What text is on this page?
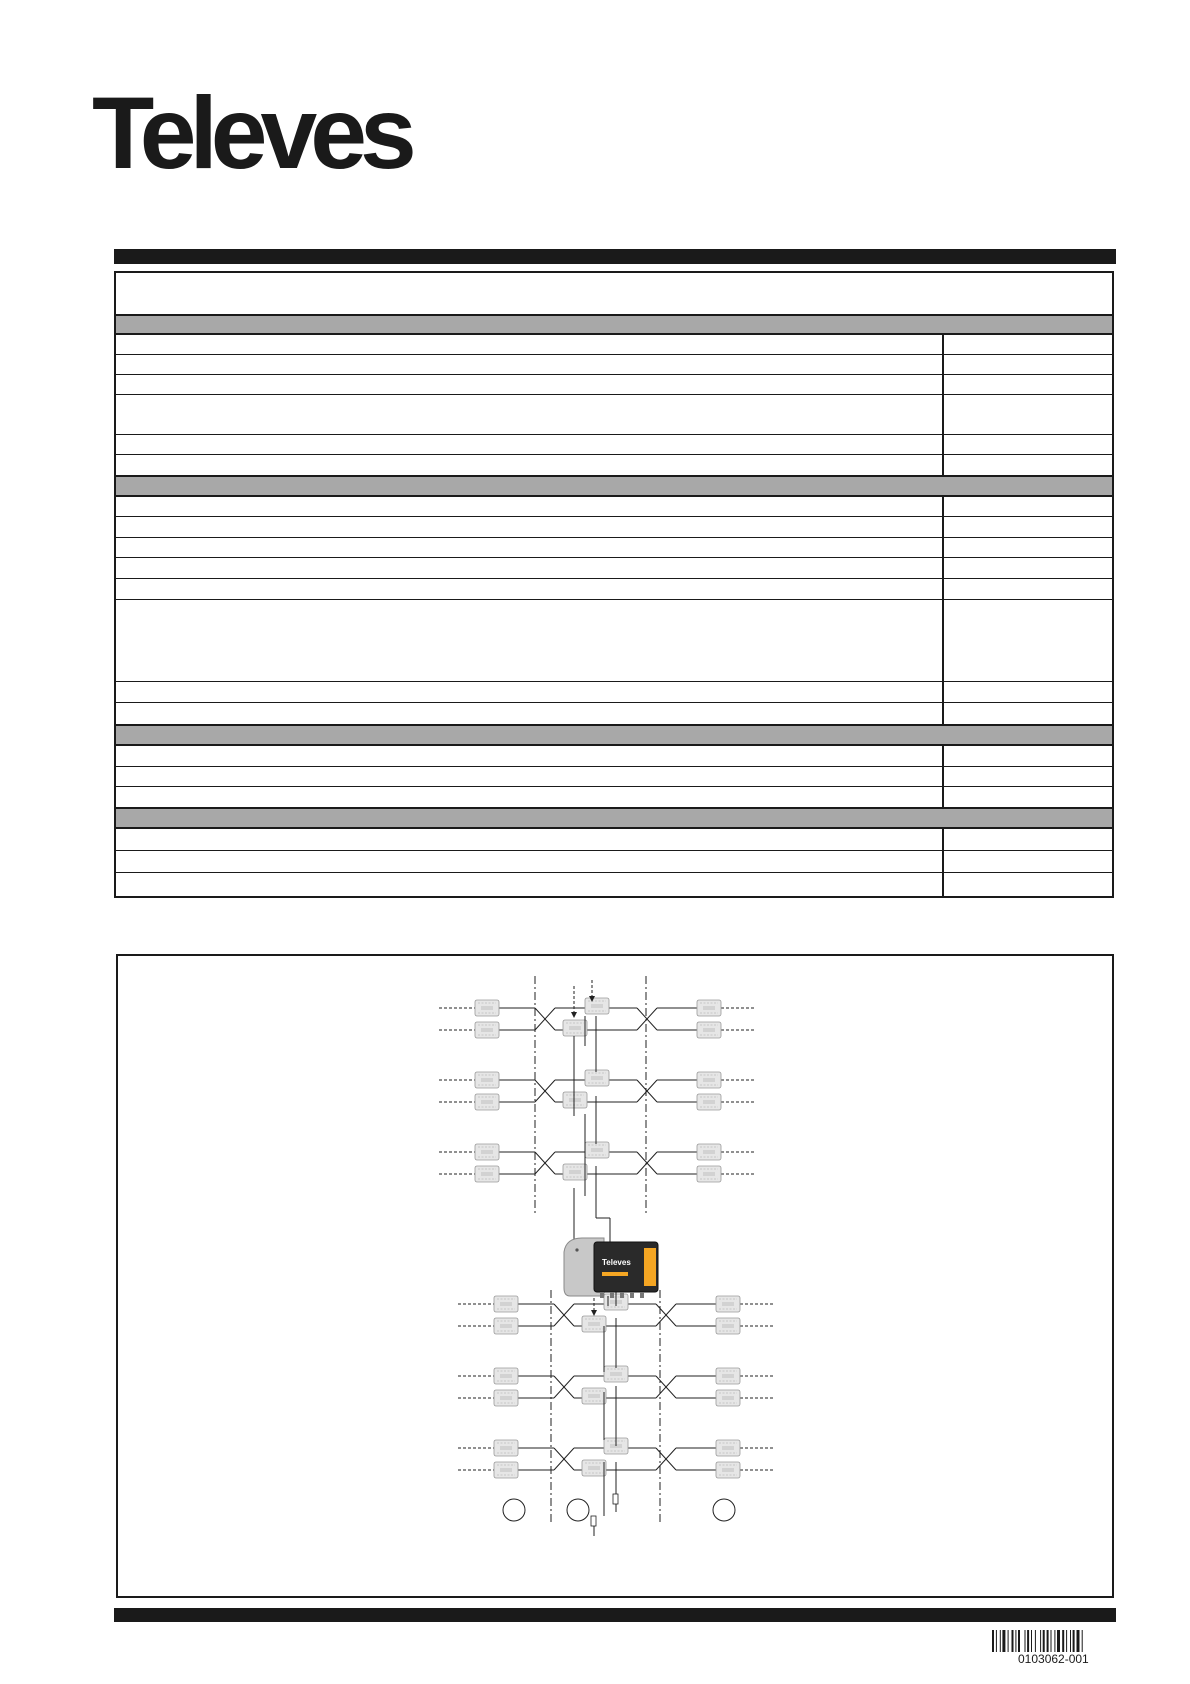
Televes
Televes
0103062-001
